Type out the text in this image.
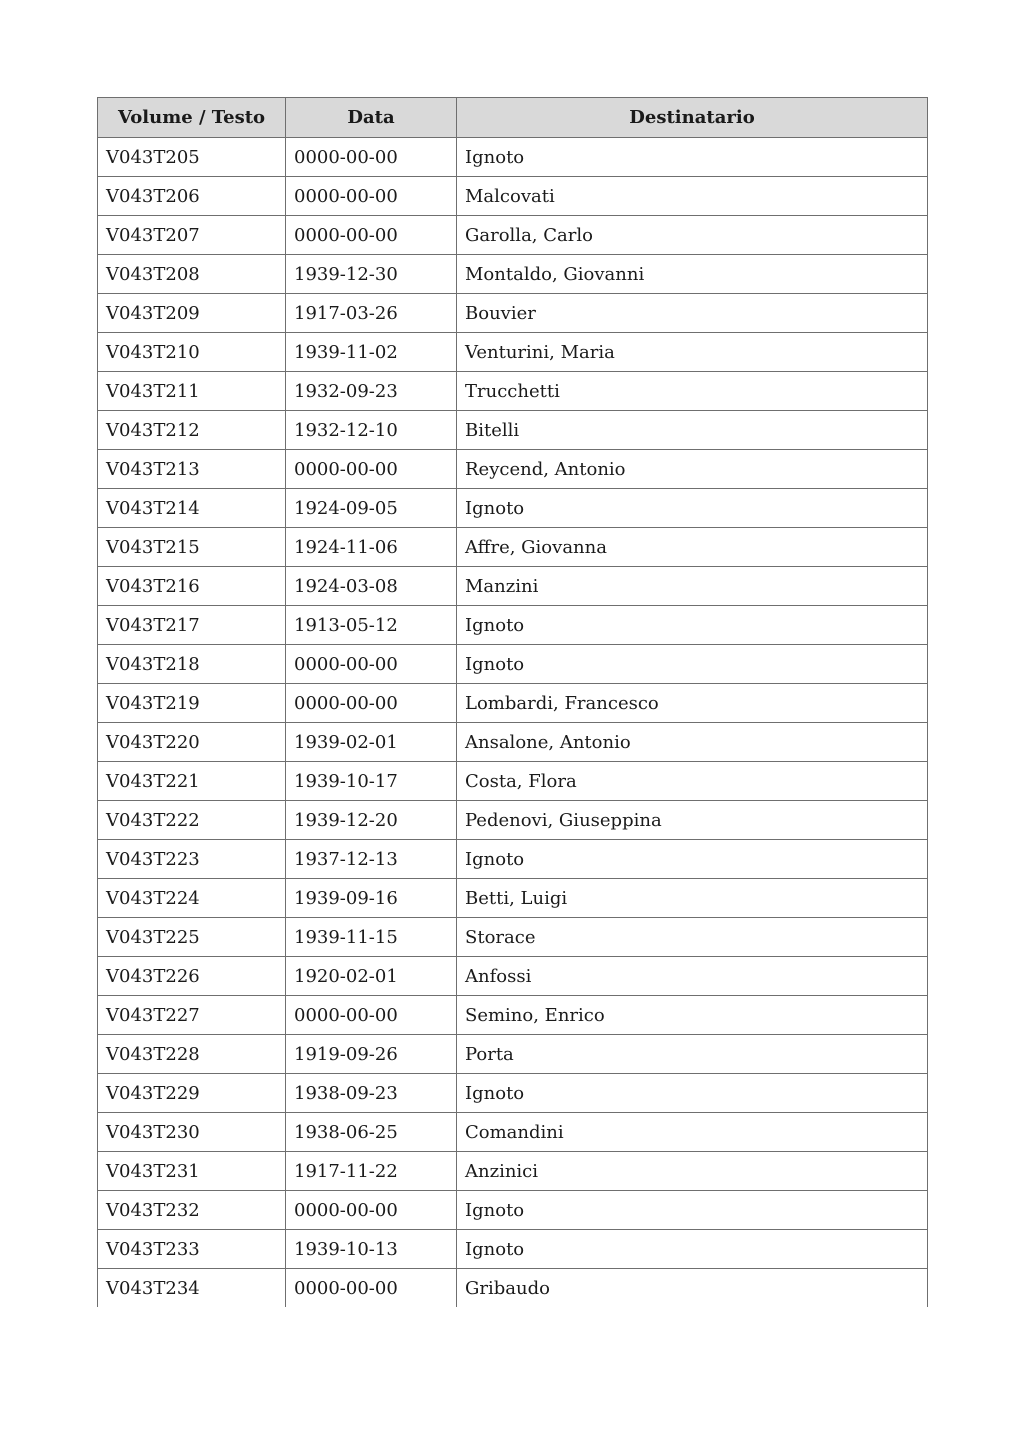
Volume / Testo	Data	Destinatario
V043T205	0000-00-00	Ignoto
V043T206	0000-00-00	Malcovati
V043T207	0000-00-00	Garolla, Carlo
V043T208	1939-12-30	Montaldo, Giovanni
V043T209	1917-03-26	Bouvier
V043T210	1939-11-02	Venturini, Maria
V043T211	1932-09-23	Trucchetti
V043T212	1932-12-10	Bitelli
V043T213	0000-00-00	Reycend, Antonio
V043T214	1924-09-05	Ignoto
V043T215	1924-11-06	Affre, Giovanna
V043T216	1924-03-08	Manzini
V043T217	1913-05-12	Ignoto
V043T218	0000-00-00	Ignoto
V043T219	0000-00-00	Lombardi, Francesco
V043T220	1939-02-01	Ansalone, Antonio
V043T221	1939-10-17	Costa, Flora
V043T222	1939-12-20	Pedenovi, Giuseppina
V043T223	1937-12-13	Ignoto
V043T224	1939-09-16	Betti, Luigi
V043T225	1939-11-15	Storace
V043T226	1920-02-01	Anfossi
V043T227	0000-00-00	Semino, Enrico
V043T228	1919-09-26	Porta
V043T229	1938-09-23	Ignoto
V043T230	1938-06-25	Comandini
V043T231	1917-11-22	Anzinici
V043T232	0000-00-00	Ignoto
V043T233	1939-10-13	Ignoto
V043T234	0000-00-00	Gribaudo
